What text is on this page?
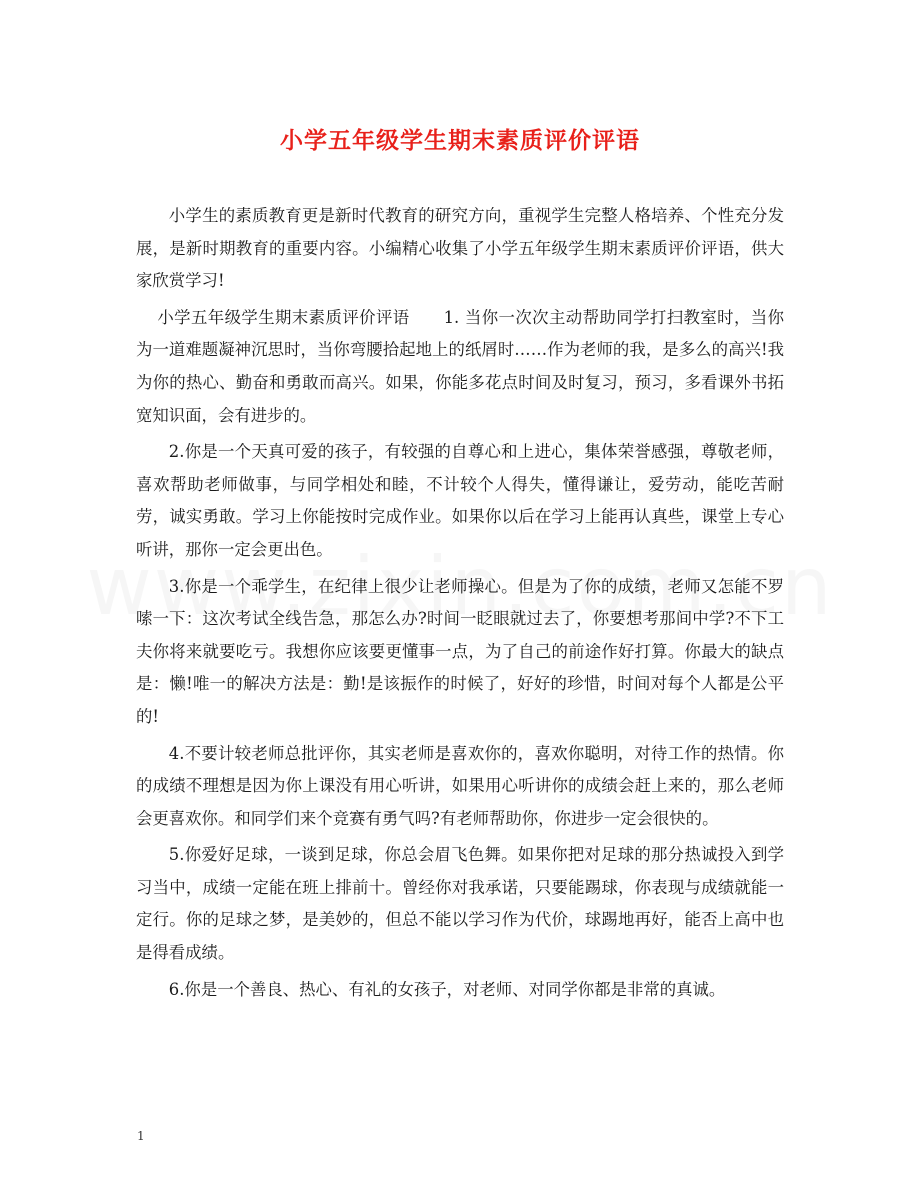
小学五年级学生期末素质评价评语

小学生的素质教育更是新时代教育的研究方向，重视学生完整人格培养、个性充分发展，是新时期教育的重要内容。小编精心收集了小学五年级学生期末素质评价评语，供大家欣赏学习!

小学五年级学生期末素质评价评语 1. 当你一次次主动帮助同学打扫教室时，当你为一道难题凝神沉思时，当你弯腰拾起地上的纸屑时……作为老师的我，是多么的高兴!我为你的热心、勤奋和勇敢而高兴。如果，你能多花点时间及时复习，预习，多看课外书拓宽知识面，会有进步的。

2.你是一个天真可爱的孩子，有较强的自尊心和上进心，集体荣誉感强，尊敬老师，喜欢帮助老师做事，与同学相处和睦，不计较个人得失，懂得谦让，爱劳动，能吃苦耐劳，诚实勇敢。学习上你能按时完成作业。如果你以后在学习上能再认真些，课堂上专心听讲，那你一定会更出色。

3.你是一个乖学生，在纪律上很少让老师操心。但是为了你的成绩，老师又怎能不罗嗦一下：这次考试全线告急，那怎么办?时间一眨眼就过去了，你要想考那间中学?不下工夫你将来就要吃亏。我想你应该要更懂事一点，为了自己的前途作好打算。你最大的缺点是：懒!唯一的解决方法是：勤!是该振作的时候了，好好的珍惜，时间对每个人都是公平的!

4.不要计较老师总批评你，其实老师是喜欢你的，喜欢你聪明，对待工作的热情。你的成绩不理想是因为你上课没有用心听讲，如果用心听讲你的成绩会赶上来的，那么老师会更喜欢你。和同学们来个竞赛有勇气吗?有老师帮助你，你进步一定会很快的。

5.你爱好足球，一谈到足球，你总会眉飞色舞。如果你把对足球的那分热诚投入到学习当中，成绩一定能在班上排前十。曾经你对我承诺，只要能踢球，你表现与成绩就能一定行。你的足球之梦，是美妙的，但总不能以学习作为代价，球踢地再好，能否上高中也是得看成绩。

6.你是一个善良、热心、有礼的女孩子，对老师、对同学你都是非常的真诚。

1
